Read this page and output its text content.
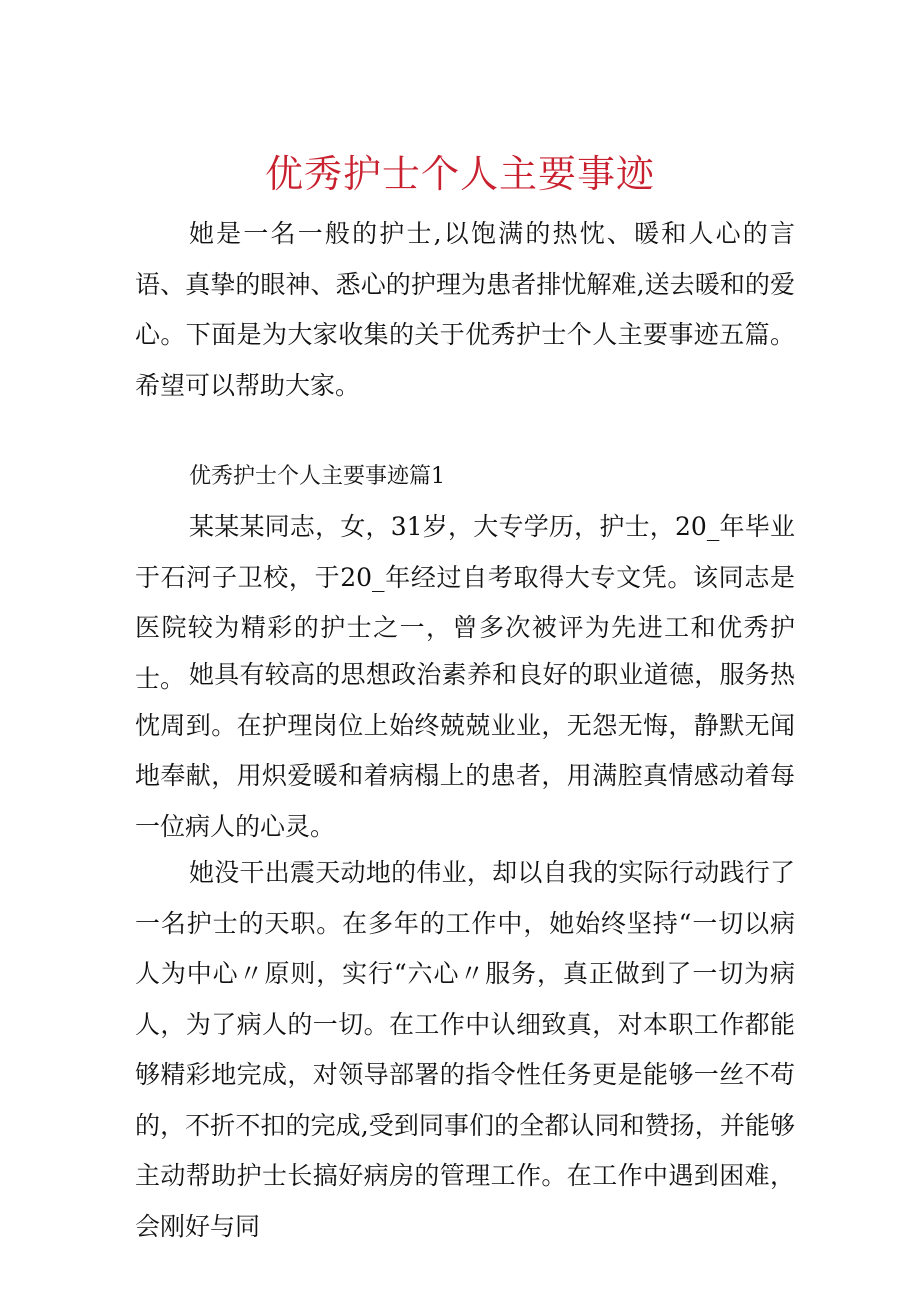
优秀护士个人主要事迹

她是一名一般的护士,以饱满的热忱、暖和人心的言语、真挚的眼神、悉心的护理为患者排忧解难,送去暖和的爱心。下面是为大家收集的关于优秀护士个人主要事迹五篇。希望可以帮助大家。

优秀护士个人主要事迹篇1

某某某同志，女，31岁，大专学历，护士，20_年毕业于石河子卫校，于20_年经过自考取得大专文凭。该同志是医院较为精彩的护士之一，曾多次被评为先进工和优秀护士。 她具有较高的思想政治素养和良好的职业道德，服务热忱周到。在护理岗位上始终兢兢业业，无怨无悔，静默无闻地奉献，用炽爱暖和着病榻上的患者，用满腔真情感动着每一位病人的心灵。

她没干出震天动地的伟业，却以自我的实际行动践行了一名护士的天职。在多年的工作中，她始终坚持“一切以病人为中心〃原则，实行“六心〃服务，真正做到了一切为病人，为了病人的一切。在工作中认细致真，对本职工作都能够精彩地完成，对领导部署的指令性任务更是能够一丝不苟的，不折不扣的完成,受到同事们的全都认同和赞扬，并能够主动帮助护士长搞好病房的管理工作。在工作中遇到困难，会刚好与同
